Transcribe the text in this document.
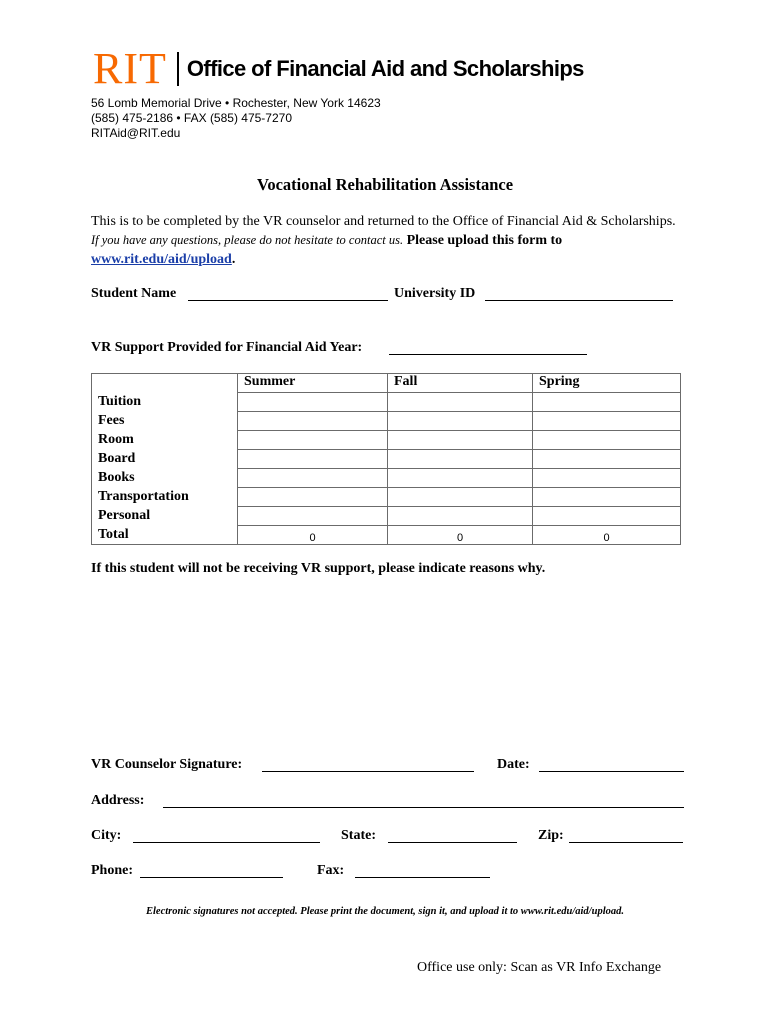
RIT Office of Financial Aid and Scholarships
56 Lomb Memorial Drive • Rochester, New York 14623
(585) 475-2186 • FAX (585) 475-7270
RITAid@RIT.edu
Vocational Rehabilitation Assistance
This is to be completed by the VR counselor and returned to the Office of Financial Aid & Scholarships. If you have any questions, please do not hesitate to contact us. Please upload this form to www.rit.edu/aid/upload.
Student Name	University ID
VR Support Provided for Financial Aid Year:
	Summer	Fall	Spring
Tuition			
Fees			
Room			
Board			
Books			
Transportation			
Personal			
Total	0	0	0
If this student will not be receiving VR support, please indicate reasons why.
VR Counselor Signature:	Date:
Address:
City:	State:	Zip:
Phone:	Fax:
Electronic signatures not accepted. Please print the document, sign it, and upload it to www.rit.edu/aid/upload.
Office use only: Scan as VR Info Exchange
